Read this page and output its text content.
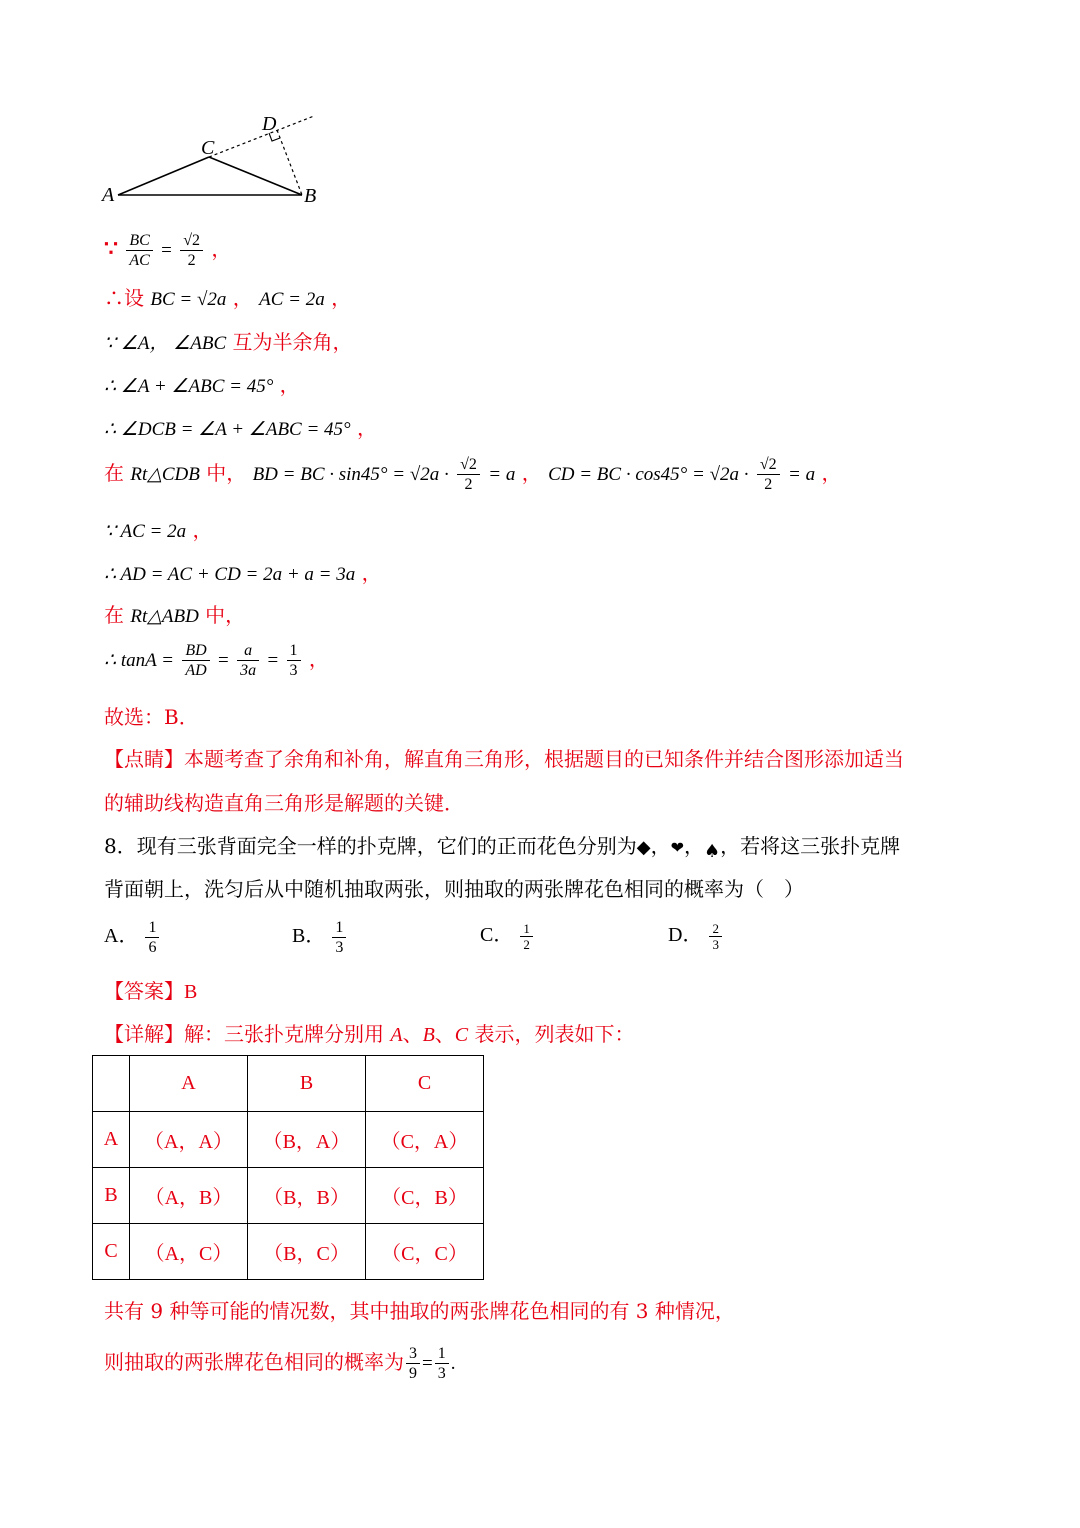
A	B
C
D
∵ $\frac{BC}{AC} = \frac{√2}{2}$ ，
∴设 BC = √2a ， AC = 2a ，
∵ ∠A， ∠ABC 互为半余角，
∴ ∠A + ∠ABC = 45° ，
∴ ∠DCB = ∠A + ∠ABC = 45° ，
在 Rt△CDB 中， BD = BC · $\sin 45^\circ = √2a \cdot \frac{√2}{2} = a$ ， CD = BC · $\cos 45^\circ = √2a \cdot \frac{√2}{2} = a$ ，
∵ AC = 2a ，
∴ AD = AC + CD = 2a + a = 3a ，
在 Rt△ABD 中，
∴ $\tan A = \frac{BD}{AD} = \frac{a}{3a} = \frac{1}{3}$ ，
故选：B．
【点睛】本题考查了余角和补角，解直角三角形，根据题目的已知条件并结合图形添加适当
的辅助线构造直角三角形是解题的关键．
8．现有三张背面完全一样的扑克牌，它们的正而花色分别为◆，❤，♠，若将这三张扑克牌
背面朝上，洗匀后从中随机抽取两张，则抽取的两张牌花色相同的概率为（　）
A． $\frac{1}{6}$	B． $\frac{1}{3}$	C． $\frac{1}{2}$	D． $\frac{2}{3}$
【答案】B
【详解】解：三张扑克牌分别用 A、B、C 表示，列表如下：
	A	B	C
A	（A，A）	（B，A）	（C，A）
B	（A，B）	（B，B）	（C，B）
C	（A，C）	（B，C）	（C，C）
共有 9 种等可能的情况数，其中抽取的两张牌花色相同的有 3 种情况，
则抽取的两张牌花色相同的概率为 $\frac{3}{9} = \frac{1}{3}$ .
